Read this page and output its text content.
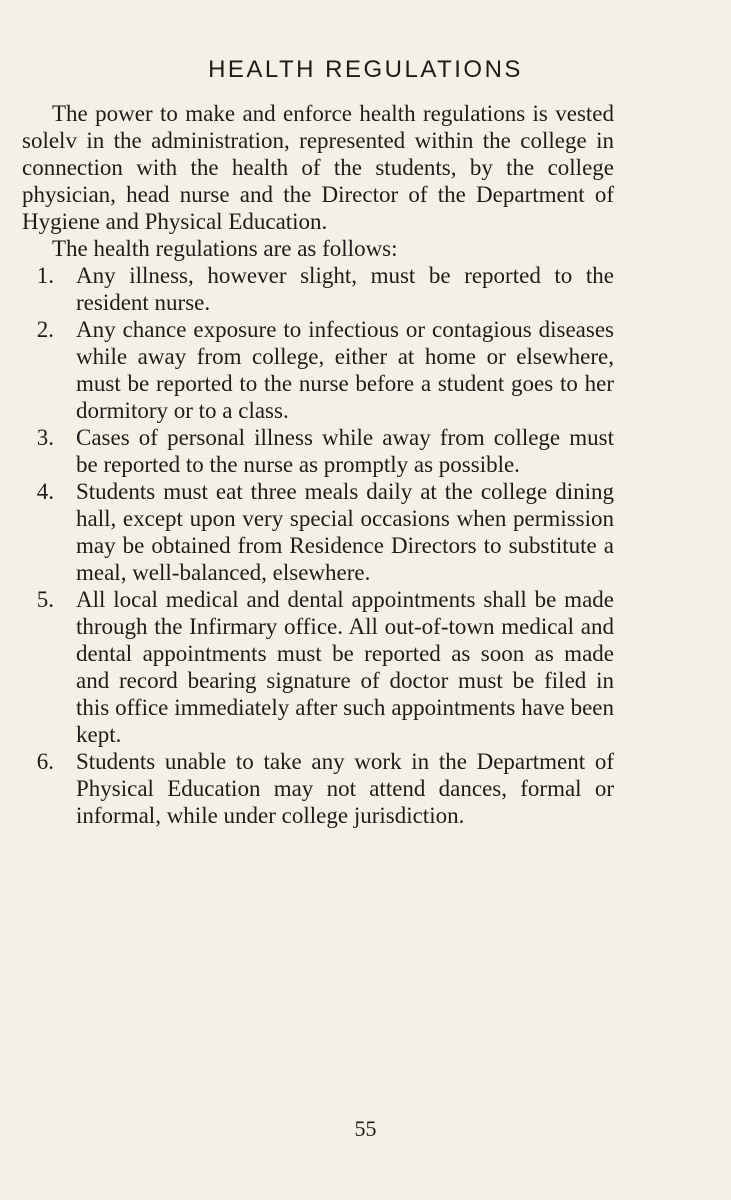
HEALTH REGULATIONS

The power to make and enforce health regulations is vested solelv in the administration, represented within the college in connection with the health of the students, by the college physician, head nurse and the Director of the Department of Hygiene and Physical Education.

The health regulations are as follows:

1. Any illness, however slight, must be reported to the resident nurse.
2. Any chance exposure to infectious or contagious diseases while away from college, either at home or elsewhere, must be reported to the nurse before a student goes to her dormitory or to a class.
3. Cases of personal illness while away from college must be reported to the nurse as promptly as possible.
4. Students must eat three meals daily at the college dining hall, except upon very special occasions when permission may be obtained from Residence Directors to substitute a meal, well-balanced, elsewhere.
5. All local medical and dental appointments shall be made through the Infirmary office. All out-of-town medical and dental appointments must be reported as soon as made and record bearing signature of doctor must be filed in this office immediately after such appointments have been kept.
6. Students unable to take any work in the Department of Physical Education may not attend dances, formal or informal, while under college jurisdiction.
55
